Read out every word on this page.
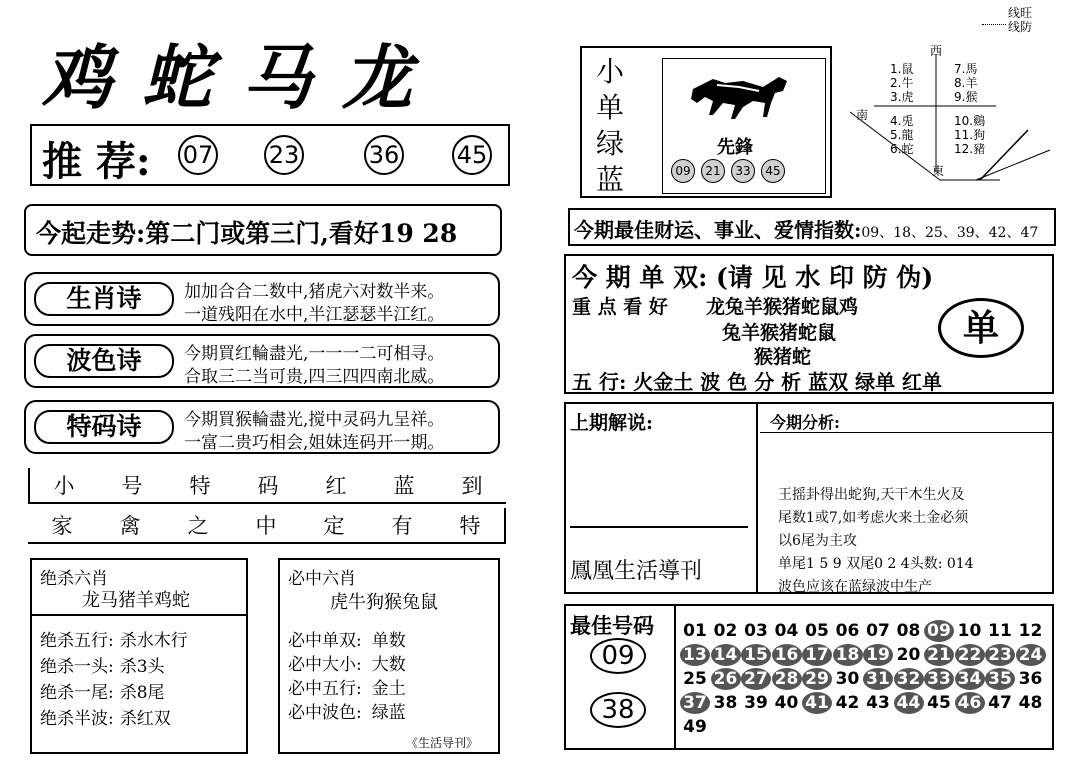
线旺
线防
鸡蛇马龙
推 荐: 07 23	36 45
今起走势:第二门或第三门,看好19 28
生肖诗	加加合合二数中,猪虎六对数半来。
一道残阳在水中,半江瑟瑟半江红。
波色诗	今期買红輪盡光,一一一二可相寻。
合取三二当可贵,四三四四南北威。
特码诗	今期買猴輪盡光,搅中灵码九呈祥。
一富二贵巧相会,姐妹连码开一期。
小 号 特 码 红 蓝 到
家 禽 之 中 定 有 特
绝杀六肖
龙马猪羊鸡蛇
绝杀五行: 杀水木行
绝杀一头: 杀3头
绝杀一尾: 杀8尾
绝杀半波: 杀红双
必中六肖
虎牛狗猴兔鼠
必中单双: 单数
必中大小: 大数
必中五行: 金土
必中波色: 绿蓝
《生活导刊》
小
单
绿
蓝
先鋒
09	21	33	45
西
南
東
1.鼠
2.牛
3.虎
4.兎
5.龍
6.蛇
7.馬
8.羊
9.猴
10.鷄
11.狗
12.豬
今期最佳财运、事业、爱情指数:09、18、25、39、42、47
今 期 单 双: (请 见 水 印 防 伪)
重 点 看 好 龙兔羊猴猪蛇鼠鸡
兔羊猴猪蛇鼠
猴猪蛇
单
五 行: 火金土 波 色 分 析 蓝双 绿单 红单
上期解说:
鳳凰生活導刊
今期分析:
王摇卦得出蛇狗,天干木生火及
尾数1或7,如考虑火来土金必须
以6尾为主攻
单尾1 5 9 双尾0 2 4头数: 014
波色应该在蓝绿波中生产
最佳号码
09
38
01 02 03 04 05 06 07 08 09 10 11 12
13 14 15 16 17 18 19 20 21 22 23 24
25 26 27 28 29 30 31 32 33 34 35 36
37 38 39 40 41 42 43 44 45 46 47 48
49
